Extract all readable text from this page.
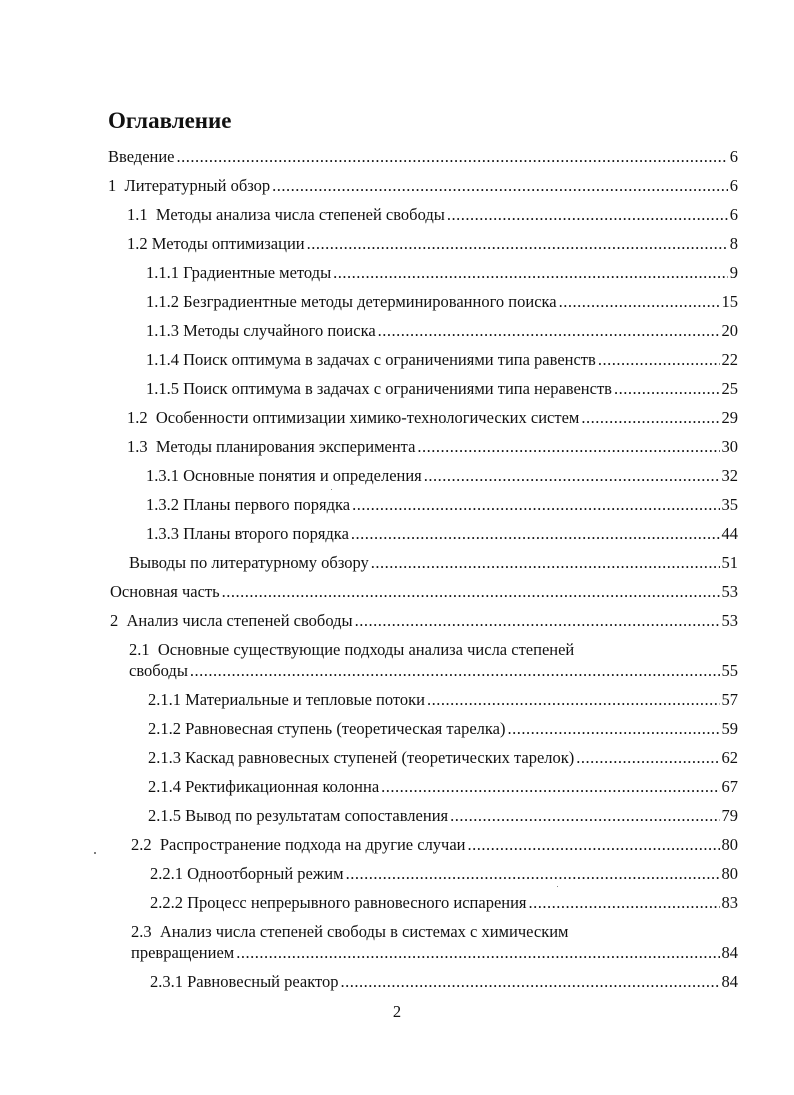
Оглавление
Введение .....	6
1 Литературный обзор .....	6
1.1 Методы анализа числа степеней свободы .....	6
1.2 Методы оптимизации .....	8
1.1.1 Градиентные методы .....	9
1.1.2 Безградиентные методы детерминированного поиска .....	15
1.1.3 Методы случайного поиска .....	20
1.1.4 Поиск оптимума в задачах с ограничениями типа равенств .....	22
1.1.5 Поиск оптимума в задачах с ограничениями типа неравенств .....	25
1.2 Особенности оптимизации химико-технологических систем .....	29
1.3 Методы планирования эксперимента .....	30
1.3.1 Основные понятия и определения .....	32
1.3.2 Планы первого порядка .....	35
1.3.3 Планы второго порядка .....	44
Выводы по литературному обзору .....	51
Основная часть .....	53
2 Анализ числа степеней свободы .....	53
2.1  Основные существующие подходы анализа числа степеней
свободы .....	55
2.1.1 Материальные и тепловые потоки .....	57
2.1.2 Равновесная ступень (теоретическая тарелка) .....	59
2.1.3 Каскад равновесных ступеней (теоретических тарелок) .....	62
2.1.4 Ректификационная колонна .....	67
2.1.5 Вывод по результатам сопоставления .....	79
2.2 Распространение подхода на другие случаи .....	80
2.2.1 Одноотборный режим .....	80
2.2.2 Процесс непрерывного равновесного испарения .....	83
2.3  Анализ числа степеней свободы в системах с химическим
превращением .....	84
2.3.1 Равновесный реактор .....	84
2
